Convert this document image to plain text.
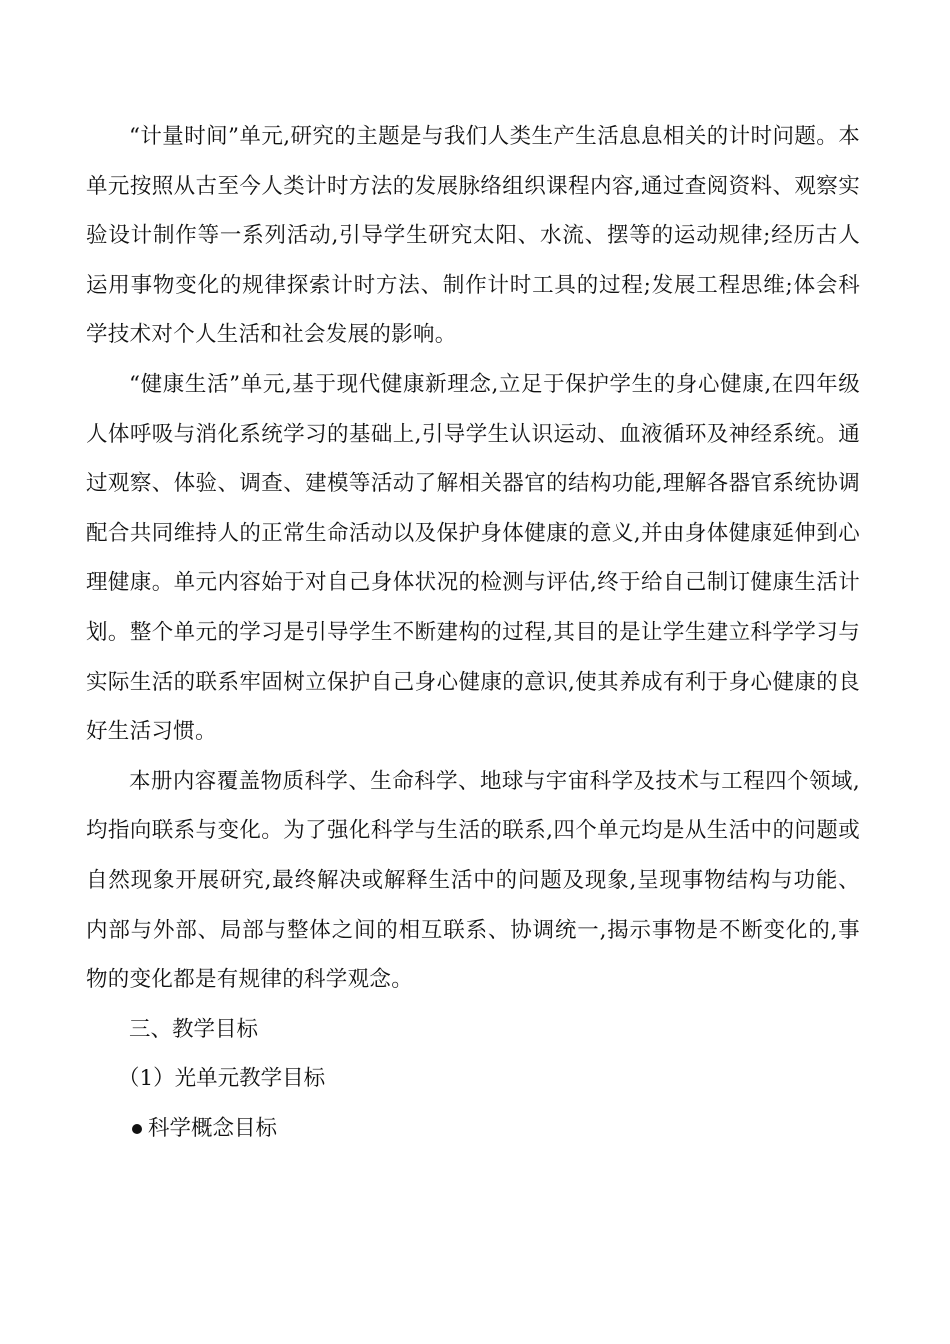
“计量时间”单元,研究的主题是与我们人类生产生活息息相关的计时问题。本单元按照从古至今人类计时方法的发展脉络组织课程内容,通过查阅资料、观察实验设计制作等一系列活动,引导学生研究太阳、水流、摆等的运动规律;经历古人运用事物变化的规律探索计时方法、制作计时工具的过程;发展工程思维;体会科学技术对个人生活和社会发展的影响。

“健康生活”单元,基于现代健康新理念,立足于保护学生的身心健康,在四年级人体呼吸与消化系统学习的基础上,引导学生认识运动、血液循环及神经系统。通过观察、体验、调查、建模等活动了解相关器官的结构功能,理解各器官系统协调配合共同维持人的正常生命活动以及保护身体健康的意义,并由身体健康延伸到心理健康。单元内容始于对自己身体状况的检测与评估,终于给自己制订健康生活计划。整个单元的学习是引导学生不断建构的过程,其目的是让学生建立科学学习与实际生活的联系牢固树立保护自己身心健康的意识,使其养成有利于身心健康的良好生活习惯。

本册内容覆盖物质科学、生命科学、地球与宇宙科学及技术与工程四个领域,均指向联系与变化。为了强化科学与生活的联系,四个单元均是从生活中的问题或自然现象开展研究,最终解决或解释生活中的问题及现象,呈现事物结构与功能、内部与外部、局部与整体之间的相互联系、协调统一,揭示事物是不断变化的,事物的变化都是有规律的科学观念。

三、教学目标

（1）光单元教学目标

科学概念目标
